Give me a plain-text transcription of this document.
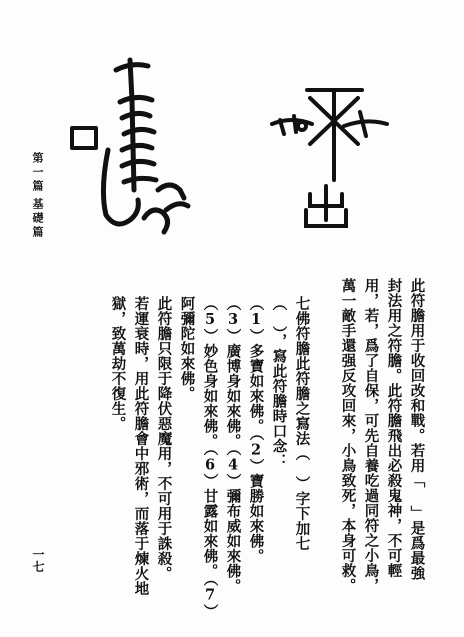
第一篇
基礎篇
一七	此符膽用于收回改和戰。若用「 」是爲最強
封法用之符膽。此符膽飛出必殺鬼神，不可輕
用，若，爲了自保，可先自養吃過同符之小鳥，
萬一敵手還强反攻回來，小鳥致死，本身可救。
七佛符膽此符膽之寫法（　）字下加七
（　），寫此符膽時口念：
（1）多寶如來佛。（2）寶勝如來佛。
（3）廣博身如來佛。（4）彌布威如來佛。
（5）妙色身如來佛。（6）甘露如來佛。（7）
阿彌陀如來佛。
此符膽只限于降伏惡魔用，不可用于誅殺。
若運衰時，用此符膽會中邪術，而落于煉火地
獄，致萬劫不復生。
